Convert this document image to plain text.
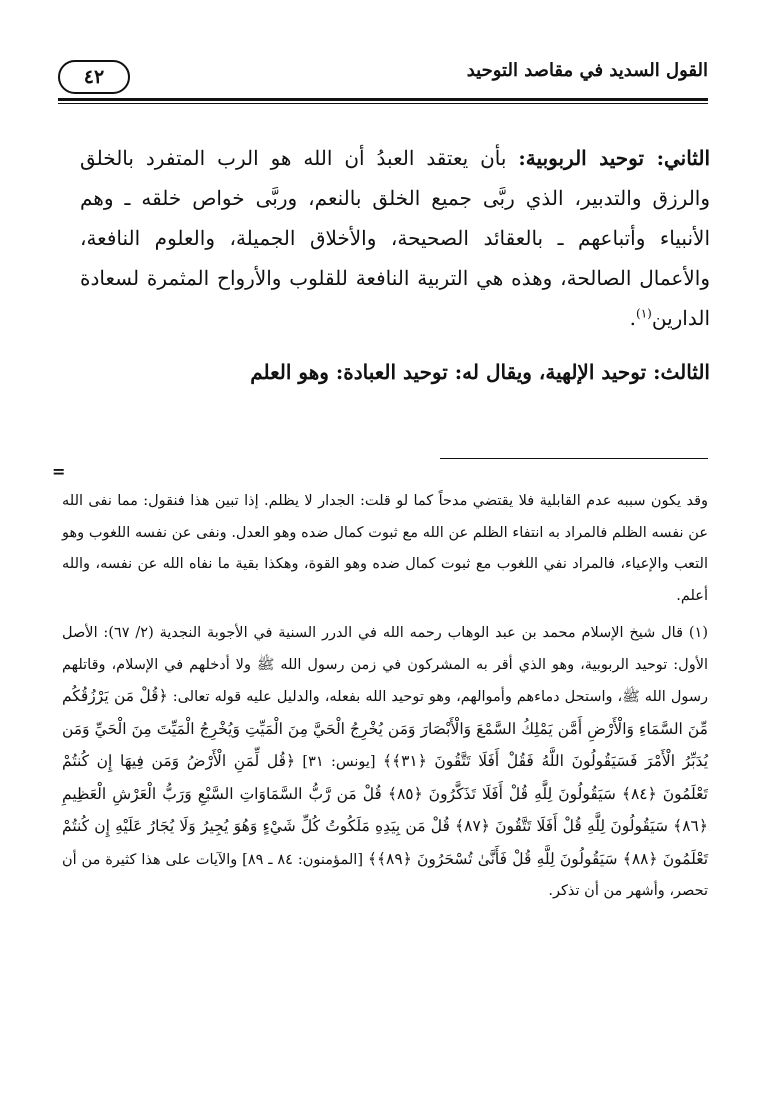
٤٢	القول السديد في مقاصد التوحيد

الثاني: توحيد الربوبية: بأن يعتقد العبدُ أن الله هو الرب المتفرد بالخلق والرزق والتدبير، الذي ربَّى جميع الخلق بالنعم، وربَّى خواص خلقه ـ وهم الأنبياء وأتباعهم ـ بالعقائد الصحيحة، والأخلاق الجميلة، والعلوم النافعة، والأعمال الصالحة، وهذه هي التربية النافعة للقلوب والأرواح المثمرة لسعادة الدارين$^{(١)}$.

الثالث: توحيد الإلهية، ويقال له: توحيد العبادة: وهو العلم

=

وقد يكون سببه عدم القابلية فلا يقتضي مدحاً كما لو قلت: الجدار لا يظلم. إذا تبين هذا فنقول: مما نفى الله عن نفسه الظلم فالمراد به انتفاء الظلم عن الله مع ثبوت كمال ضده وهو العدل. ونفى عن نفسه اللغوب وهو التعب والإعياء، فالمراد نفي اللغوب مع ثبوت كمال ضده وهو القوة، وهكذا بقية ما نفاه الله عن نفسه، والله أعلم.

(١) قال شيخ الإسلام محمد بن عبد الوهاب رحمه الله في الدرر السنية في الأجوبة النجدية (٢/ ٦٧): الأصل الأول: توحيد الربوبية، وهو الذي أقر به المشركون في زمن رسول الله ﷺ ولا أدخلهم في الإسلام، وقاتلهم رسول الله ﷺ، واستحل دماءهم وأموالهم، وهو توحيد الله بفعله، والدليل عليه قوله تعالى: ﴿قُلْ مَن يَرْزُقُكُم مِّنَ السَّمَاءِ وَالْأَرْضِ أَمَّن يَمْلِكُ السَّمْعَ وَالْأَبْصَارَ وَمَن يُخْرِجُ الْحَيَّ مِنَ الْمَيِّتِ وَيُخْرِجُ الْمَيِّتَ مِنَ الْحَيِّ وَمَن يُدَبِّرُ الْأَمْرَ فَسَيَقُولُونَ اللَّهُ فَقُلْ أَفَلَا تَتَّقُونَ ﴿٣١﴾﴾ [يونس: ٣١] ﴿قُل لِّمَنِ الْأَرْضُ وَمَن فِيهَا إِن كُنتُمْ تَعْلَمُونَ ﴿٨٤﴾ سَيَقُولُونَ لِلَّهِ قُلْ أَفَلَا تَذَكَّرُونَ ﴿٨٥﴾ قُلْ مَن رَّبُّ السَّمَاوَاتِ السَّبْعِ وَرَبُّ الْعَرْشِ الْعَظِيمِ ﴿٨٦﴾ سَيَقُولُونَ لِلَّهِ قُلْ أَفَلَا تَتَّقُونَ ﴿٨٧﴾ قُلْ مَن بِيَدِهِ مَلَكُوتُ كُلِّ شَيْءٍ وَهُوَ يُجِيرُ وَلَا يُجَارُ عَلَيْهِ إِن كُنتُمْ تَعْلَمُونَ ﴿٨٨﴾ سَيَقُولُونَ لِلَّهِ قُلْ فَأَنَّىٰ تُسْحَرُونَ ﴿٨٩﴾﴾ [المؤمنون: ٨٤ ـ ٨٩] والآيات على هذا كثيرة من أن تحصر، وأشهر من أن تذكر.
